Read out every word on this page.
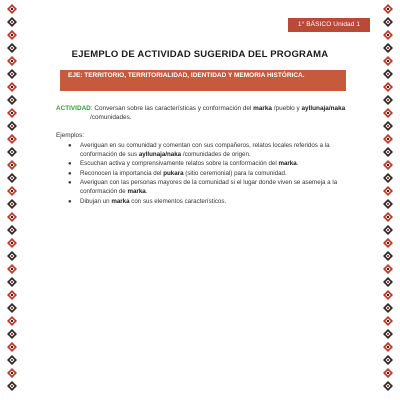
1° BÁSICO Unidad 1
EJEMPLO DE ACTIVIDAD SUGERIDA DEL PROGRAMA
EJE: TERRITORIO, TERRITORIALIDAD, IDENTIDAD Y MEMORIA HISTÓRICA.
ACTIVIDAD: Conversan sobre las características y conformación del marka /pueblo y ayllunaja/naka
/comunidades.
Ejemplos:
● Averiguan en su comunidad y comentan con sus compañeros, relatos locales referidos a la conformación de sus ayllunaja/naka /comunidades de origen.
● Escuchan activa y comprensivamente relatos sobre la conformación del marka.
● Reconocen la importancia del pukara (sitio ceremonial) para la comunidad.
● Averiguan con las personas mayores de la comunidad si el lugar donde viven se asemeja a la conformación de marka.
● Dibujan un marka con sus elementos característicos.
